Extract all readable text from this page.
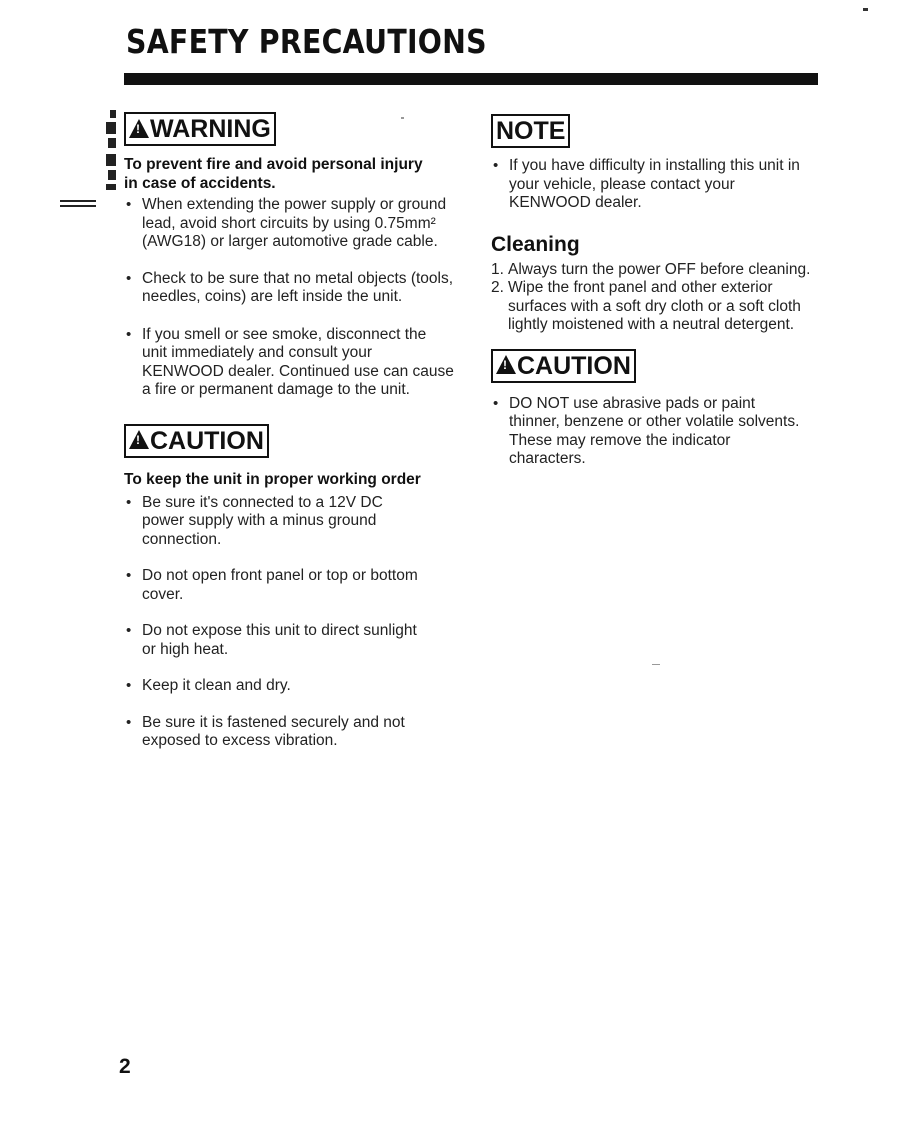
SAFETY PRECAUTIONS
!
WARNING

To prevent fire and avoid personal injury in case of accidents.

• When extending the power supply or ground lead, avoid short circuits by using 0.75mm² (AWG18) or larger automotive grade cable.
• Check to be sure that no metal objects (tools, needles, coins) are left inside the unit.
• If you smell or see smoke, disconnect the unit immediately and consult your KENWOOD dealer. Continued use can cause a fire or permanent damage to the unit.
!
CAUTION

To keep the unit in proper working order

• Be sure it's connected to a 12V DC power supply with a minus ground connection.
• Do not open front panel or top or bottom cover.
• Do not expose this unit to direct sunlight or high heat.
• Keep it clean and dry.
• Be sure it is fastened securely and not exposed to excess vibration.
NOTE
• If you have difficulty in installing this unit in your vehicle, please contact your KENWOOD dealer.
Cleaning
1. Always turn the power OFF before cleaning.
2. Wipe the front panel and other exterior surfaces with a soft dry cloth or a soft cloth lightly moistened with a neutral detergent.
!
CAUTION
• DO NOT use abrasive pads or paint thinner, benzene or other volatile solvents. These may remove the indicator characters.
2
